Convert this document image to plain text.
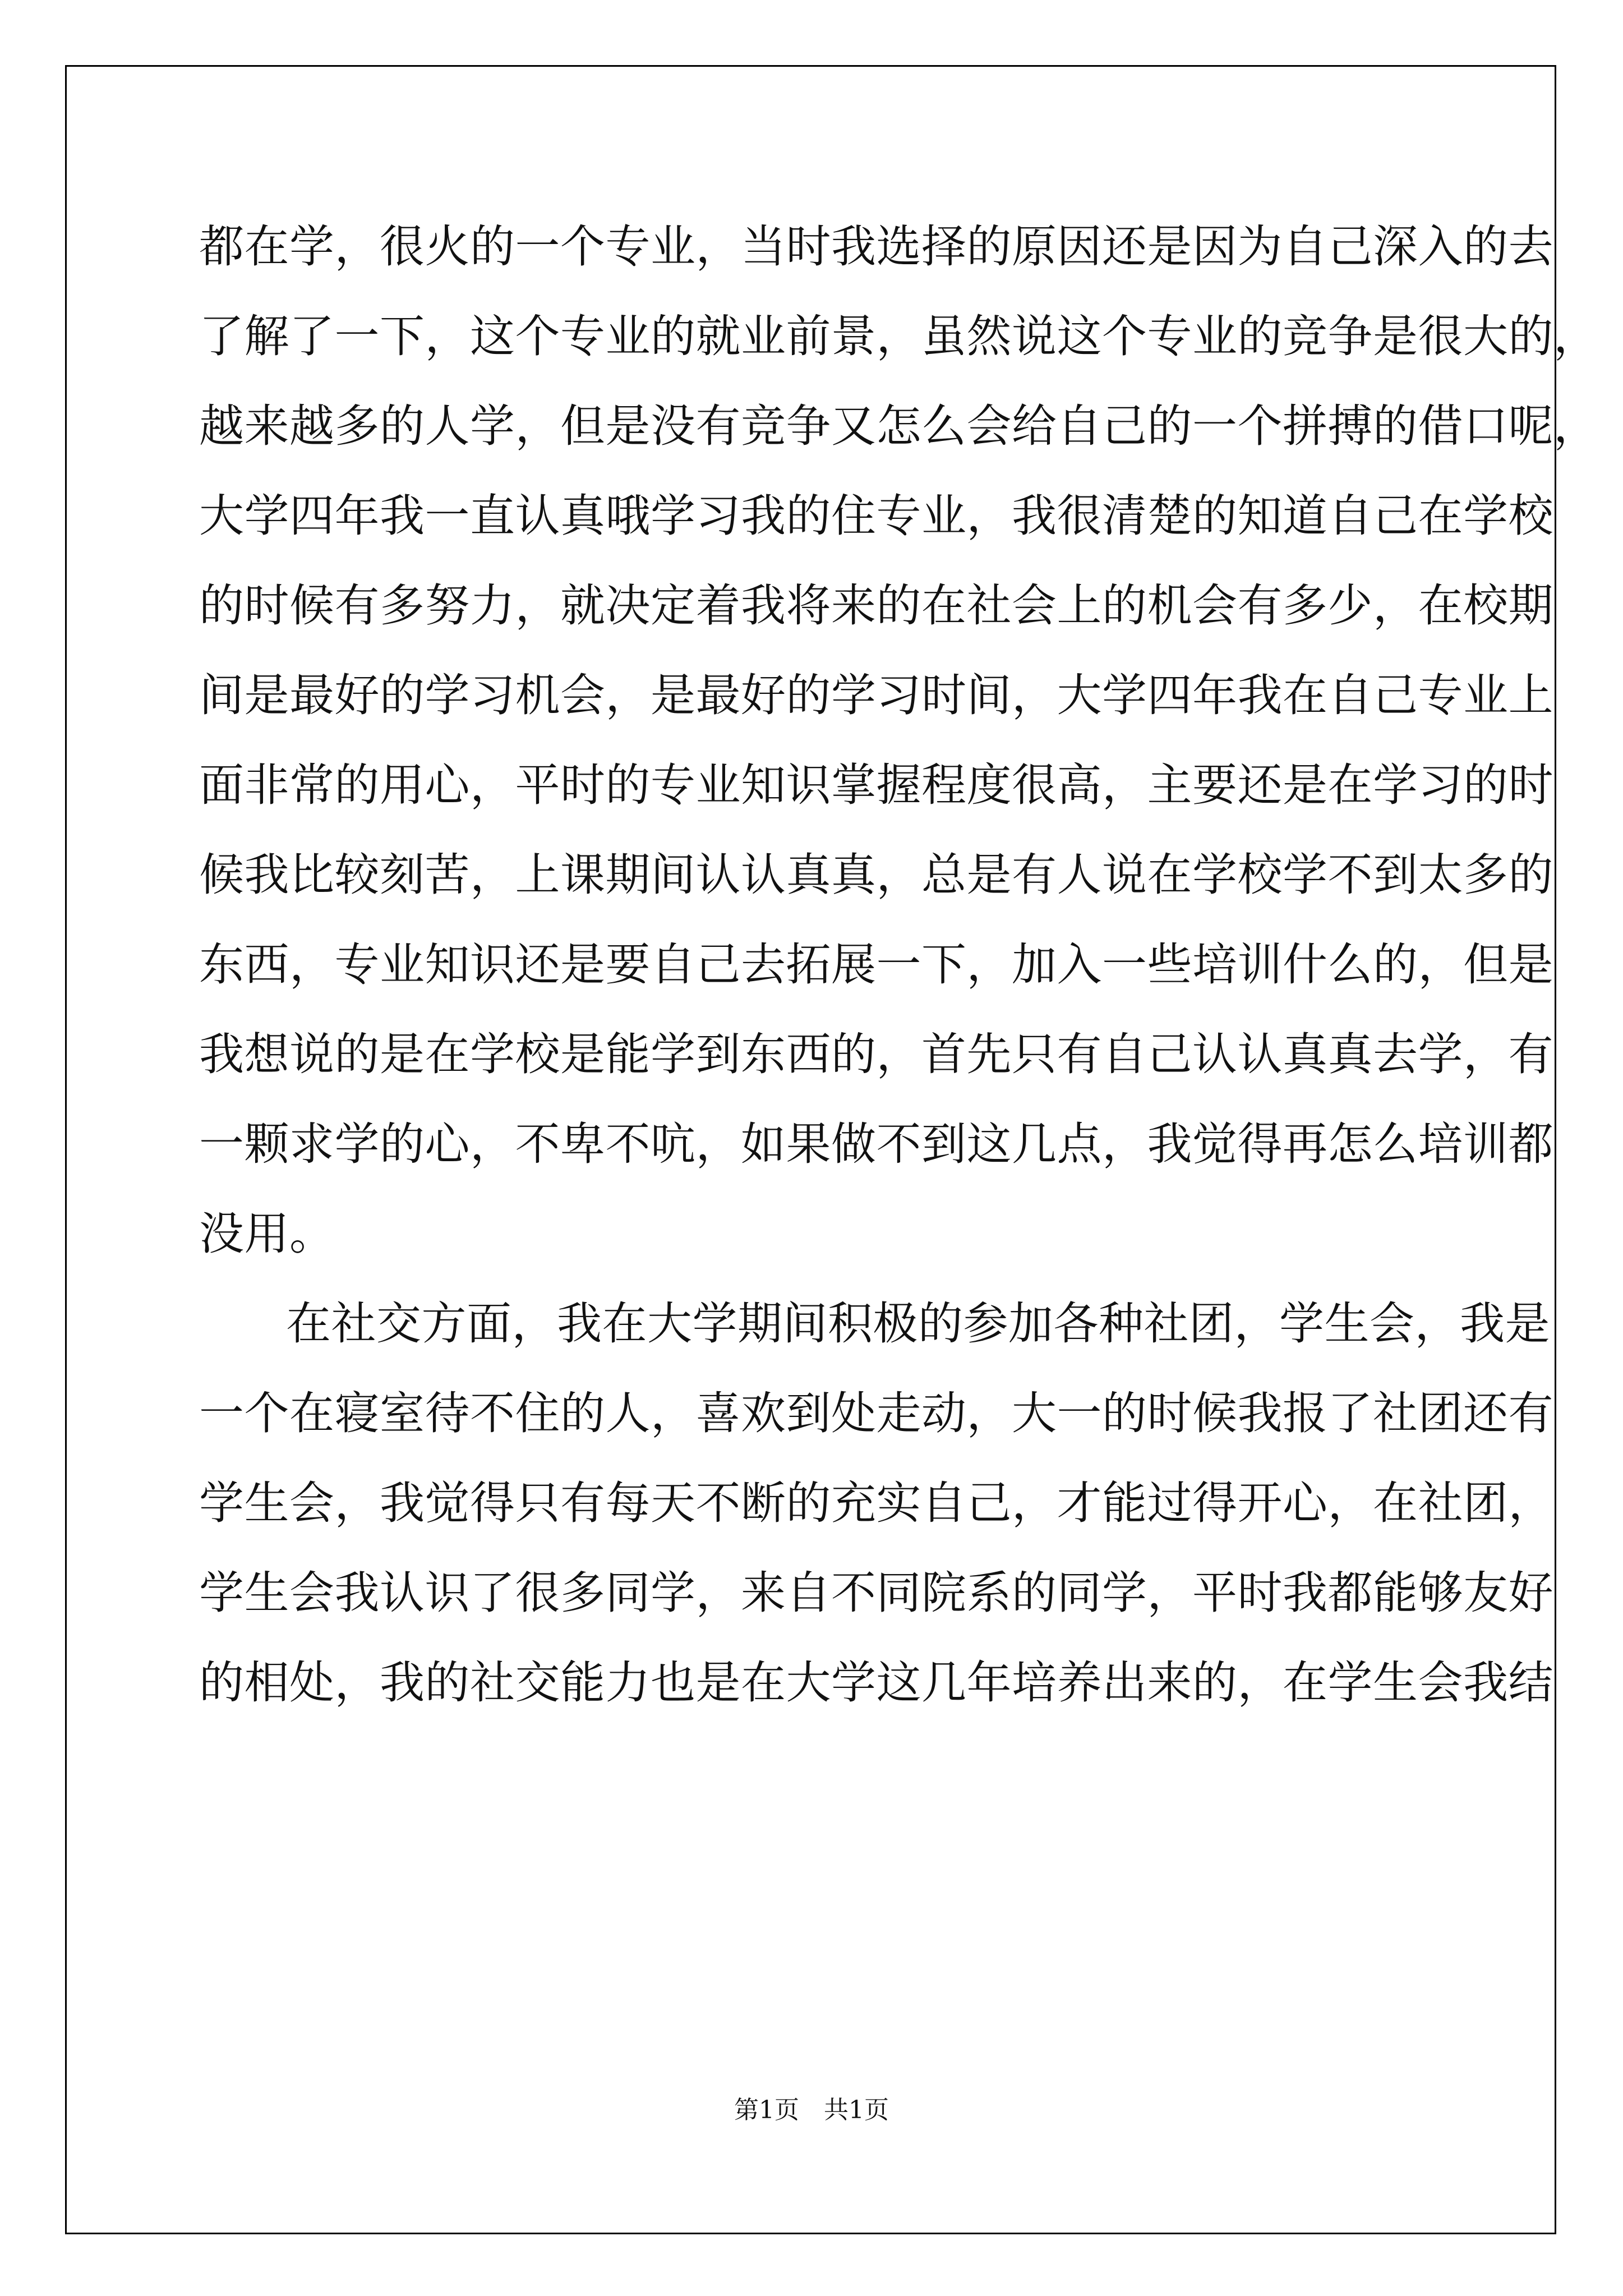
都在学，很火的一个专业，当时我选择的原因还是因为自己深入的去
了解了一下，这个专业的就业前景，虽然说这个专业的竞争是很大的，
越来越多的人学，但是没有竞争又怎么会给自己的一个拼搏的借口呢，
大学四年我一直认真哦学习我的住专业，我很清楚的知道自己在学校
的时候有多努力，就决定着我将来的在社会上的机会有多少，在校期
间是最好的学习机会，是最好的学习时间，大学四年我在自己专业上
面非常的用心，平时的专业知识掌握程度很高，主要还是在学习的时
候我比较刻苦，上课期间认认真真，总是有人说在学校学不到太多的
东西，专业知识还是要自己去拓展一下，加入一些培训什么的，但是
我想说的是在学校是能学到东西的，首先只有自己认认真真去学，有
一颗求学的心，不卑不吭，如果做不到这几点，我觉得再怎么培训都
没用。
在社交方面，我在大学期间积极的参加各种社团，学生会，我是
一个在寝室待不住的人，喜欢到处走动，大一的时候我报了社团还有
学生会，我觉得只有每天不断的充实自己，才能过得开心，在社团，
学生会我认识了很多同学，来自不同院系的同学，平时我都能够友好
的相处，我的社交能力也是在大学这几年培养出来的，在学生会我结
第1页　共1页
